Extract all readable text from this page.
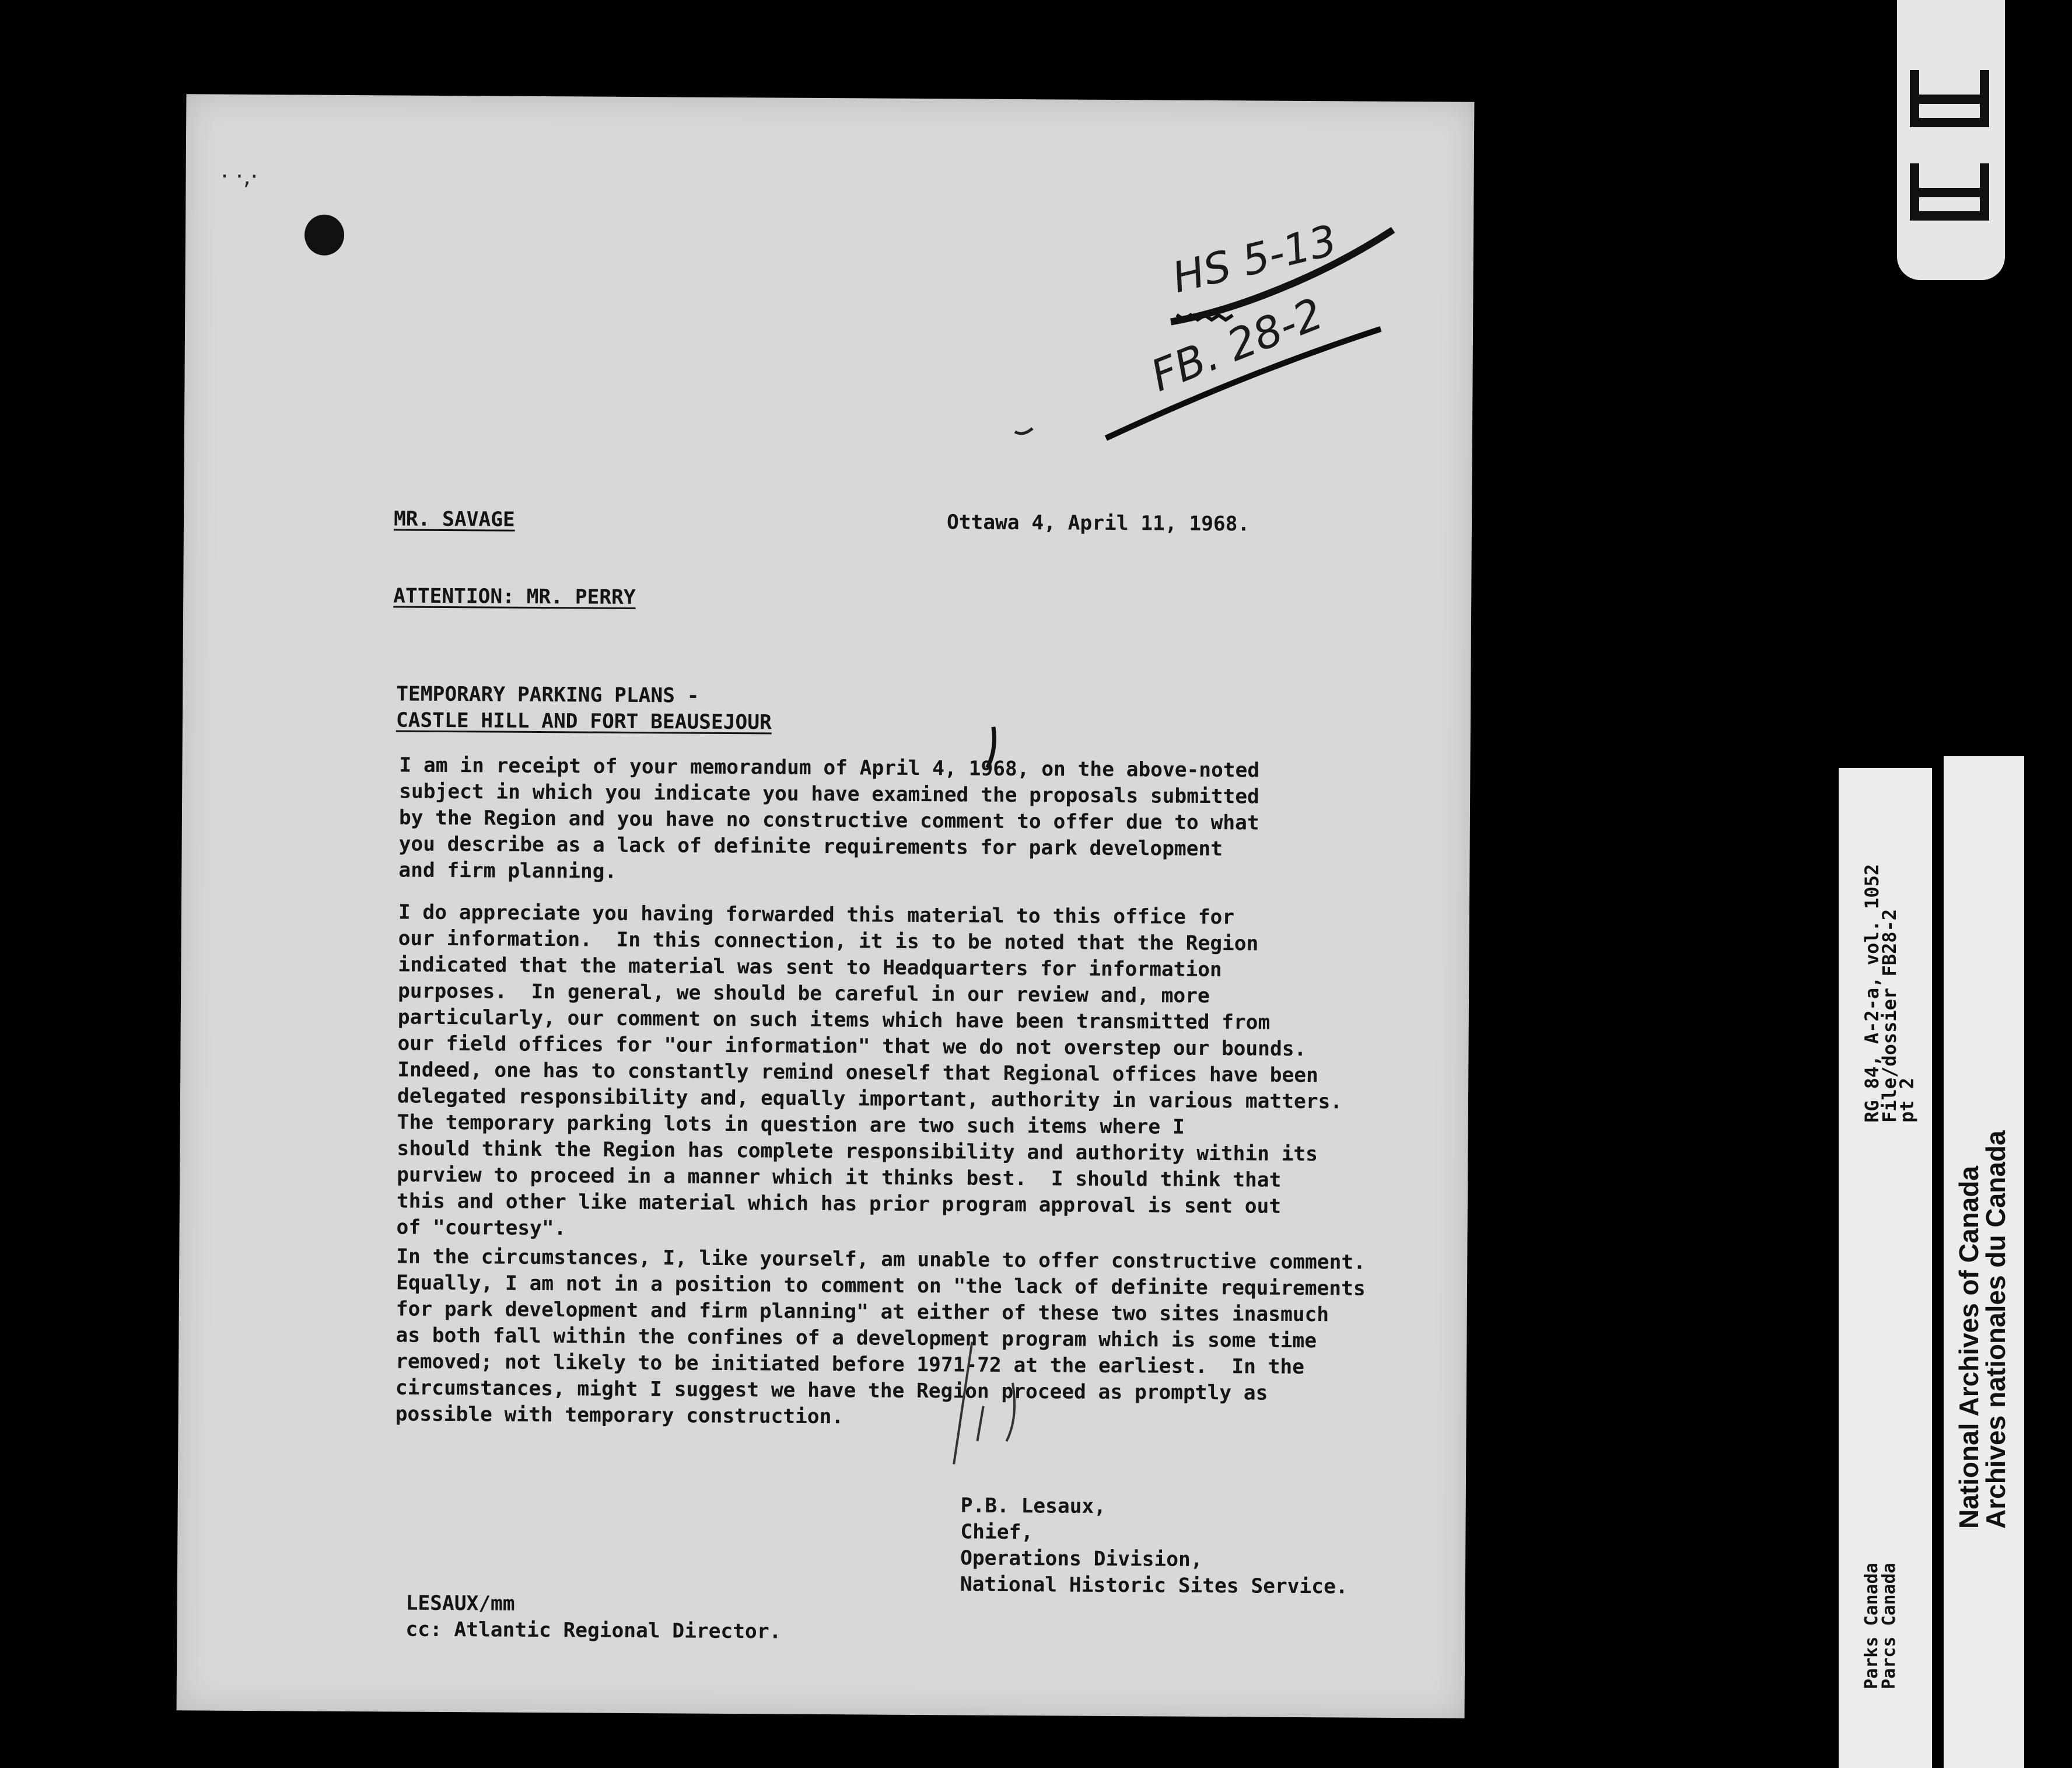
· ·‚·
MR. SAVAGE	Ottawa 4, April 11, 1968.
ATTENTION: MR. PERRY
TEMPORARY PARKING PLANS -
CASTLE HILL AND FORT BEAUSEJOUR
I am in receipt of your memorandum of April 4, 1968, on the above-noted
subject in which you indicate you have examined the proposals submitted
by the Region and you have no constructive comment to offer due to what
you describe as a lack of definite requirements for park development
and firm planning.
I do appreciate you having forwarded this material to this office for
our information.  In this connection, it is to be noted that the Region
indicated that the material was sent to Headquarters for information
purposes.  In general, we should be careful in our review and, more
particularly, our comment on such items which have been transmitted from
our field offices for "our information" that we do not overstep our bounds.
Indeed, one has to constantly remind oneself that Regional offices have been
delegated responsibility and, equally important, authority in various matters.
The temporary parking lots in question are two such items where I
should think the Region has complete responsibility and authority within its
purview to proceed in a manner which it thinks best.  I should think that
this and other like material which has prior program approval is sent out
of "courtesy".
In the circumstances, I, like yourself, am unable to offer constructive comment.
Equally, I am not in a position to comment on "the lack of definite requirements
for park development and firm planning" at either of these two sites inasmuch
as both fall within the confines of a development program which is some time
removed; not likely to be initiated before 1971-72 at the earliest.  In the
circumstances, might I suggest we have the Region proceed as promptly as
possible with temporary construction.
P.B. Lesaux,
Chief,
Operations Division,
National Historic Sites Service.
LESAUX/mm
cc: Atlantic Regional Director.
HS 5-13
FB. 28-2
RG 84, A-2-a, vol. 1052
File/dossier FB28-2
pt 2
Parks Canada
Parcs Canada
National Archives of Canada
Archives nationales du Canada
